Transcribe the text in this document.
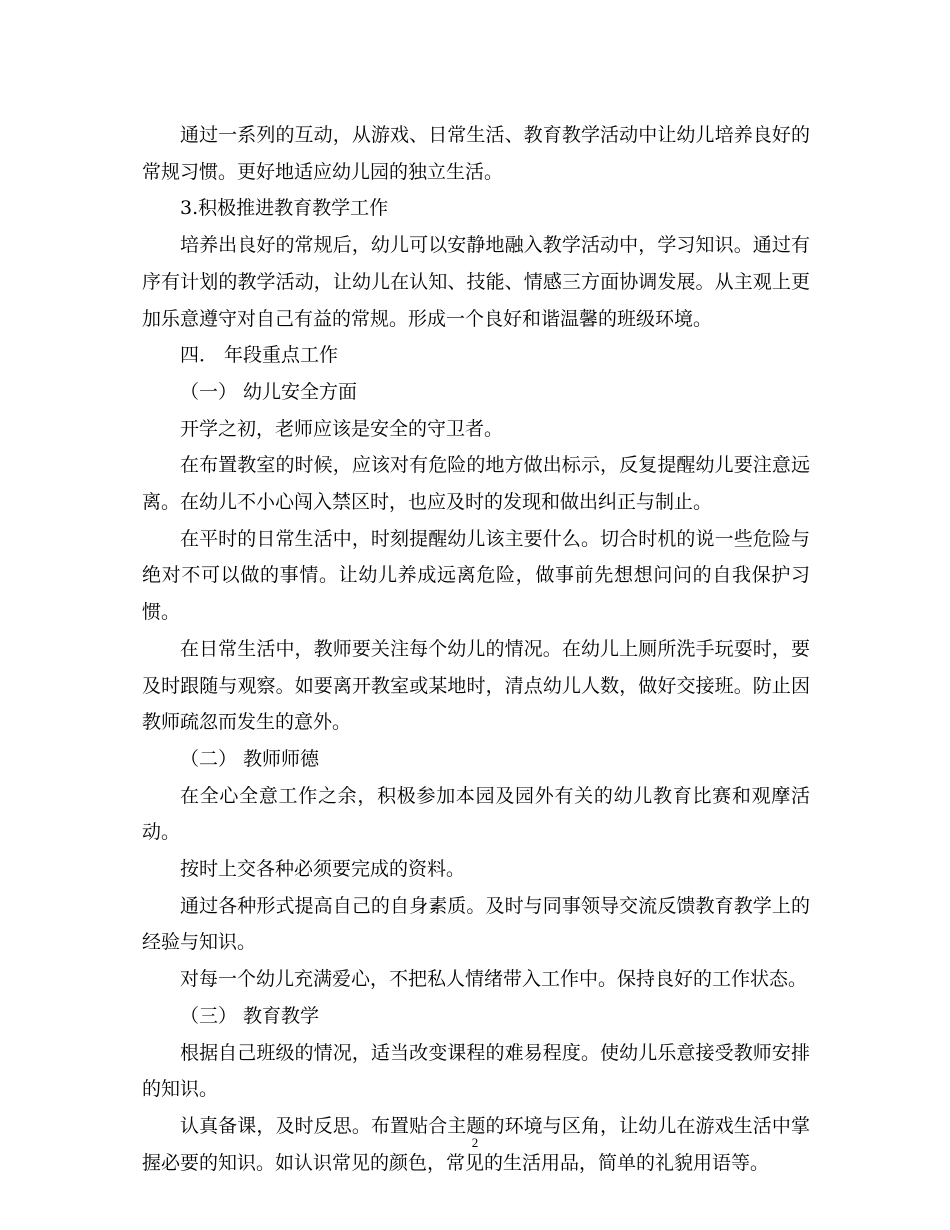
通过一系列的互动，从游戏、日常生活、教育教学活动中让幼儿培养良好的常规习惯。更好地适应幼儿园的独立生活。

3.积极推进教育教学工作

培养出良好的常规后，幼儿可以安静地融入教学活动中，学习知识。通过有序有计划的教学活动，让幼儿在认知、技能、情感三方面协调发展。从主观上更加乐意遵守对自己有益的常规。形成一个良好和谐温馨的班级环境。

四． 年段重点工作

（一） 幼儿安全方面

开学之初，老师应该是安全的守卫者。

在布置教室的时候，应该对有危险的地方做出标示，反复提醒幼儿要注意远离。在幼儿不小心闯入禁区时，也应及时的发现和做出纠正与制止。

在平时的日常生活中，时刻提醒幼儿该主要什么。切合时机的说一些危险与绝对不可以做的事情。让幼儿养成远离危险，做事前先想想问问的自我保护习惯。

在日常生活中，教师要关注每个幼儿的情况。在幼儿上厕所洗手玩耍时，要及时跟随与观察。如要离开教室或某地时，清点幼儿人数，做好交接班。防止因教师疏忽而发生的意外。

（二） 教师师德

在全心全意工作之余，积极参加本园及园外有关的幼儿教育比赛和观摩活动。

按时上交各种必须要完成的资料。

通过各种形式提高自己的自身素质。及时与同事领导交流反馈教育教学上的经验与知识。

对每一个幼儿充满爱心，不把私人情绪带入工作中。保持良好的工作状态。

（三） 教育教学

根据自己班级的情况，适当改变课程的难易程度。使幼儿乐意接受教师安排的知识。

认真备课，及时反思。布置贴合主题的环境与区角，让幼儿在游戏生活中掌握必要的知识。如认识常见的颜色，常见的生活用品，简单的礼貌用语等。

2
